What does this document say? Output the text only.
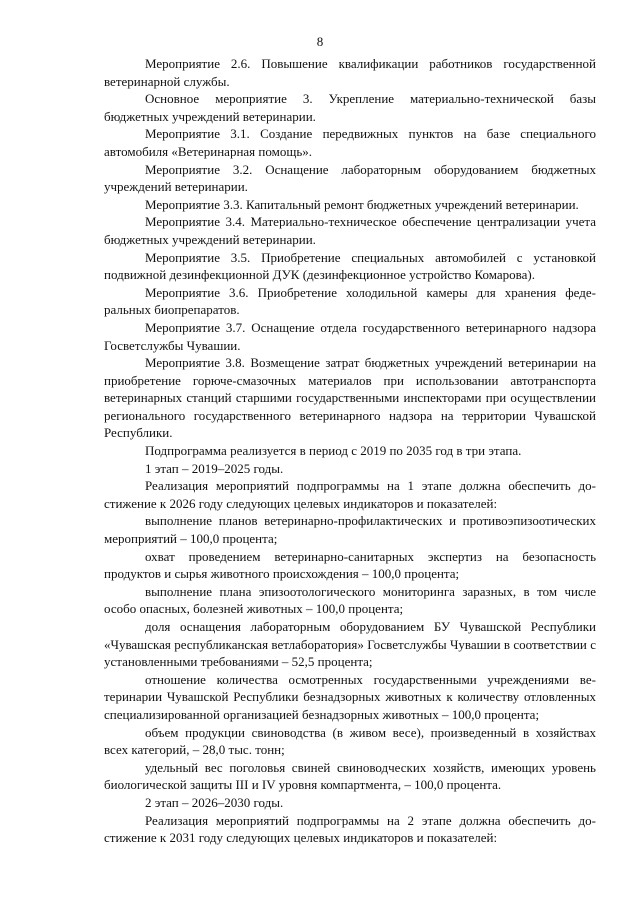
8

Мероприятие 2.6. Повышение квалификации работников государственной ветеринарной службы.

Основное мероприятие 3. Укрепление материально-технической базы бюджетных учреждений ветеринарии.

Мероприятие 3.1. Создание передвижных пунктов на базе специального автомобиля «Ветеринарная помощь».

Мероприятие 3.2. Оснащение лабораторным оборудованием бюджетных учреждений ветеринарии.

Мероприятие 3.3. Капитальный ремонт бюджетных учреждений ветеринарии.

Мероприятие 3.4. Материально-техническое обеспечение централизации учета бюджетных учреждений ветеринарии.

Мероприятие 3.5. Приобретение специальных автомобилей с установкой подвижной дезинфекционной ДУК (дезинфекционное устройство Комарова).

Мероприятие 3.6. Приобретение холодильной камеры для хранения федеральных биопрепаратов.

Мероприятие 3.7. Оснащение отдела государственного ветеринарного надзора Госветслужбы Чувашии.

Мероприятие 3.8. Возмещение затрат бюджетных учреждений ветеринарии на приобретение горюче-смазочных материалов при использовании автотранспорта ветеринарных станций старшими государственными инспекторами при осуществлении регионального государственного ветеринарного надзора на территории Чувашской Республики.

Подпрограмма реализуется в период с 2019 по 2035 год в три этапа.

1 этап – 2019–2025 годы.

Реализация мероприятий подпрограммы на 1 этапе должна обеспечить достижение к 2026 году следующих целевых индикаторов и показателей:

выполнение планов ветеринарно-профилактических и противоэпизоотических мероприятий – 100,0 процента;

охват проведением ветеринарно-санитарных экспертиз на безопасность продуктов и сырья животного происхождения – 100,0 процента;

выполнение плана эпизоотологического мониторинга заразных, в том числе особо опасных, болезней животных – 100,0 процента;

доля оснащения лабораторным оборудованием БУ Чувашской Республики «Чувашская республиканская ветлаборатория» Госветслужбы Чувашии в соответствии с установленными требованиями – 52,5 процента;

отношение количества осмотренных государственными учреждениями ветеринарии Чувашской Республики безнадзорных животных к количеству отловленных специализированной организацией безнадзорных животных – 100,0 процента;

объем продукции свиноводства (в живом весе), произведенный в хозяйствах всех категорий, – 28,0 тыс. тонн;

удельный вес поголовья свиней свиноводческих хозяйств, имеющих уровень биологической защиты III и IV уровня компартмента, – 100,0 процента.

2 этап – 2026–2030 годы.

Реализация мероприятий подпрограммы на 2 этапе должна обеспечить достижение к 2031 году следующих целевых индикаторов и показателей:
